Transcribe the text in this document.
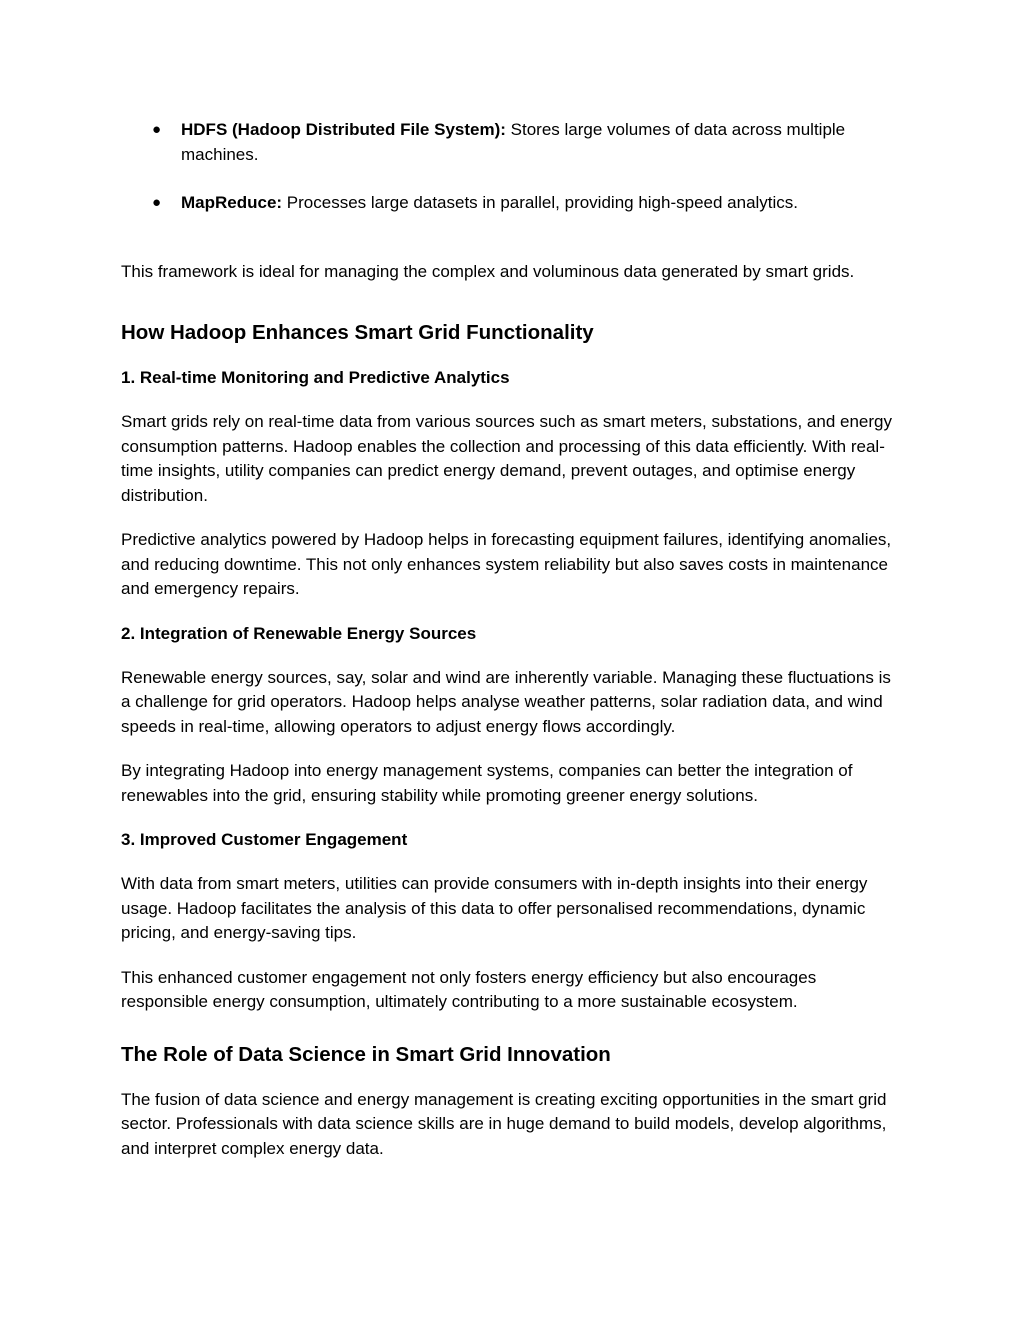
● HDFS (Hadoop Distributed File System): Stores large volumes of data across multiple machines.
● MapReduce: Processes large datasets in parallel, providing high-speed analytics.

This framework is ideal for managing the complex and voluminous data generated by smart grids.

How Hadoop Enhances Smart Grid Functionality
1. Real-time Monitoring and Predictive Analytics

Smart grids rely on real-time data from various sources such as smart meters, substations, and energy consumption patterns. Hadoop enables the collection and processing of this data efficiently. With real-time insights, utility companies can predict energy demand, prevent outages, and optimise energy distribution.

Predictive analytics powered by Hadoop helps in forecasting equipment failures, identifying anomalies, and reducing downtime. This not only enhances system reliability but also saves costs in maintenance and emergency repairs.

2. Integration of Renewable Energy Sources

Renewable energy sources, say, solar and wind are inherently variable. Managing these fluctuations is a challenge for grid operators. Hadoop helps analyse weather patterns, solar radiation data, and wind speeds in real-time, allowing operators to adjust energy flows accordingly.

By integrating Hadoop into energy management systems, companies can better the integration of renewables into the grid, ensuring stability while promoting greener energy solutions.

3. Improved Customer Engagement

With data from smart meters, utilities can provide consumers with in-depth insights into their energy usage. Hadoop facilitates the analysis of this data to offer personalised recommendations, dynamic pricing, and energy-saving tips.

This enhanced customer engagement not only fosters energy efficiency but also encourages responsible energy consumption, ultimately contributing to a more sustainable ecosystem.

The Role of Data Science in Smart Grid Innovation

The fusion of data science and energy management is creating exciting opportunities in the smart grid sector. Professionals with data science skills are in huge demand to build models, develop algorithms, and interpret complex energy data.
